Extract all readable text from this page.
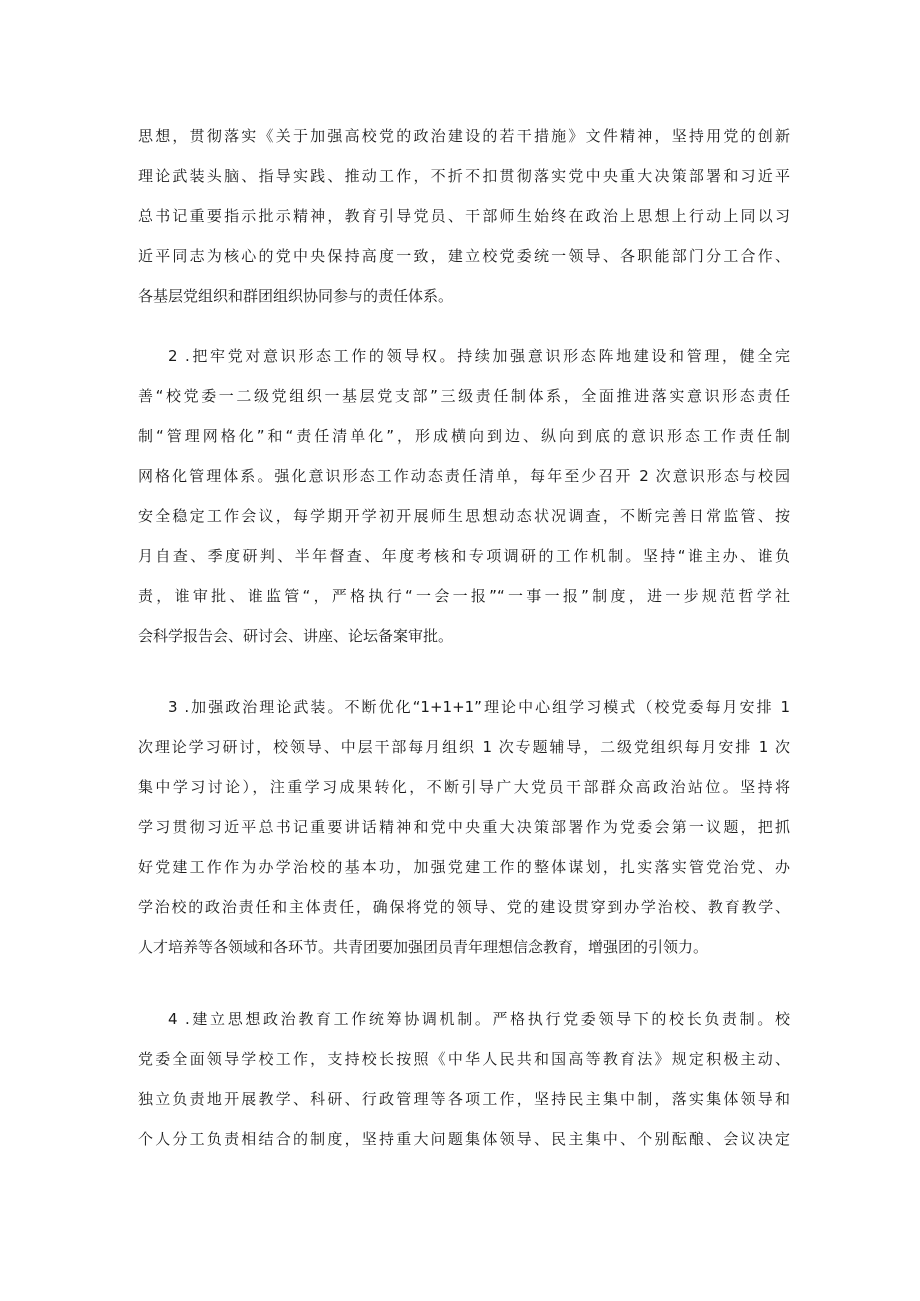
思想，贯彻落实《关于加强高校党的政治建设的若干措施》文件精神，坚持用党的创新
理论武装头脑、指导实践、推动工作，不折不扣贯彻落实党中央重大决策部署和习近平
总书记重要指示批示精神，教育引导党员、干部师生始终在政治上思想上行动上同以习
近平同志为核心的党中央保持高度一致，建立校党委统一领导、各职能部门分工合作、
各基层党组织和群团组织协同参与的责任体系。

2 .把牢党对意识形态工作的领导权。持续加强意识形态阵地建设和管理，健全完
善“校党委一二级党组织一基层党支部”三级责任制体系，全面推进落实意识形态责任
制“管理网格化”和“责任清单化”，形成横向到边、纵向到底的意识形态工作责任制
网格化管理体系。强化意识形态工作动态责任清单，每年至少召开 2 次意识形态与校园
安全稳定工作会议，每学期开学初开展师生思想动态状况调查，不断完善日常监管、按
月自查、季度研判、半年督查、年度考核和专项调研的工作机制。坚持“谁主办、谁负
责，谁审批、谁监管“，严格执行“一会一报”“一事一报”制度，进一步规范哲学社
会科学报告会、研讨会、讲座、论坛备案审批。

3 .加强政治理论武装。不断优化“1+1+1”理论中心组学习模式（校党委每月安排 1
次理论学习研讨，校领导、中层干部每月组织 1 次专题辅导，二级党组织每月安排 1 次
集中学习讨论），注重学习成果转化，不断引导广大党员干部群众高政治站位。坚持将
学习贯彻习近平总书记重要讲话精神和党中央重大决策部署作为党委会第一议题，把抓
好党建工作作为办学治校的基本功，加强党建工作的整体谋划，扎实落实管党治党、办
学治校的政治责任和主体责任，确保将党的领导、党的建设贯穿到办学治校、教育教学、
人才培养等各领域和各环节。共青团要加强团员青年理想信念教育，增强团的引领力。

4 .建立思想政治教育工作统筹协调机制。严格执行党委领导下的校长负责制。校
党委全面领导学校工作，支持校长按照《中华人民共和国高等教育法》规定积极主动、
独立负责地开展教学、科研、行政管理等各项工作，坚持民主集中制，落实集体领导和
个人分工负责相结合的制度，坚持重大问题集体领导、民主集中、个别酝酿、会议决定
